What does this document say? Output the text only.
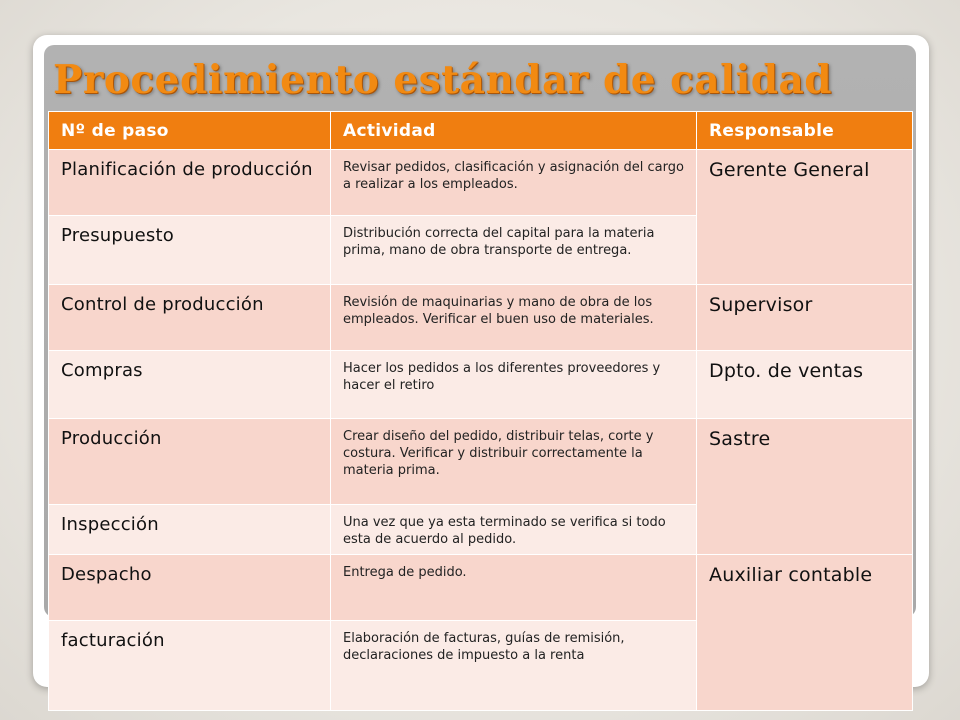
Procedimiento estándar de calidad
Nº de paso	Actividad	Responsable
Planificación de producción	Revisar pedidos, clasificación y asignación del cargo a realizar a los empleados.	Gerente General
Presupuesto	Distribución correcta del capital para la materia prima, mano de obra transporte de entrega.	
Control de producción	Revisión de maquinarias y mano de obra de los empleados. Verificar el buen uso de materiales.	Supervisor
Compras	Hacer los pedidos a los diferentes proveedores y hacer el retiro	Dpto. de ventas
Producción	Crear diseño del pedido, distribuir telas, corte y costura. Verificar y distribuir correctamente la materia prima.	Sastre
Inspección	Una vez que ya esta terminado se verifica si todo esta de acuerdo al pedido.	
Despacho	Entrega de pedido.	Auxiliar contable
facturación	Elaboración de facturas, guías de remisión, declaraciones de impuesto a la renta	
